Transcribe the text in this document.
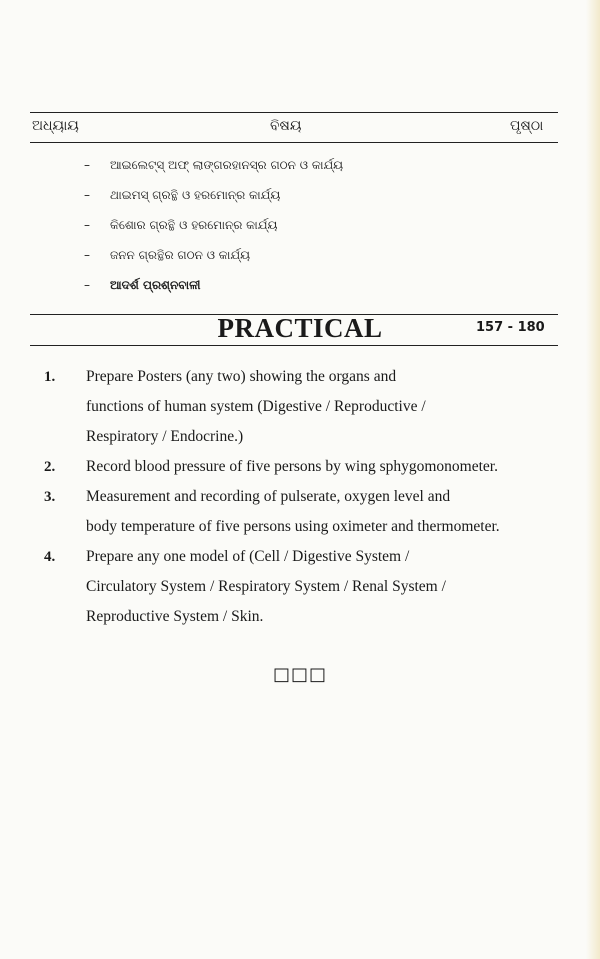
ଅଧ୍ୟାୟ	ବିଷୟ	ପୃଷ୍ଠା
–	ଆଇଲେଟ୍ସ୍ ଅଫ୍ ଲାଙ୍ଗରହାନସ୍‌ର ଗଠନ ଓ କାର୍ଯ୍ୟ
–	ଥାଇମସ୍ ଗ୍ରନ୍ଥି ଓ ହରମୋନ୍‌ର କାର୍ଯ୍ୟ
–	କିଶୋର ଗ୍ରନ୍ଥି ଓ ହରମୋନ୍‌ର କାର୍ଯ୍ୟ
–	ଜନନ ଗ୍ରନ୍ଥିର ଗଠନ ଓ କାର୍ଯ୍ୟ
–	ଆଦର୍ଶ ପ୍ରଶ୍ନବାଳୀ
PRACTICAL	157 - 180
1.	Prepare Posters (any two) showing the organs and
functions of human system (Digestive / Reproductive /
Respiratory / Endocrine.)
2.	Record blood pressure of five persons by wing sphygomonometer.
3.	Measurement and recording of pulserate, oxygen level and
body temperature of five persons using oximeter and thermometer.
4.	Prepare any one model of (Cell / Digestive System /
Circulatory System / Respiratory System / Renal System /
Reproductive System / Skin.
□□□
